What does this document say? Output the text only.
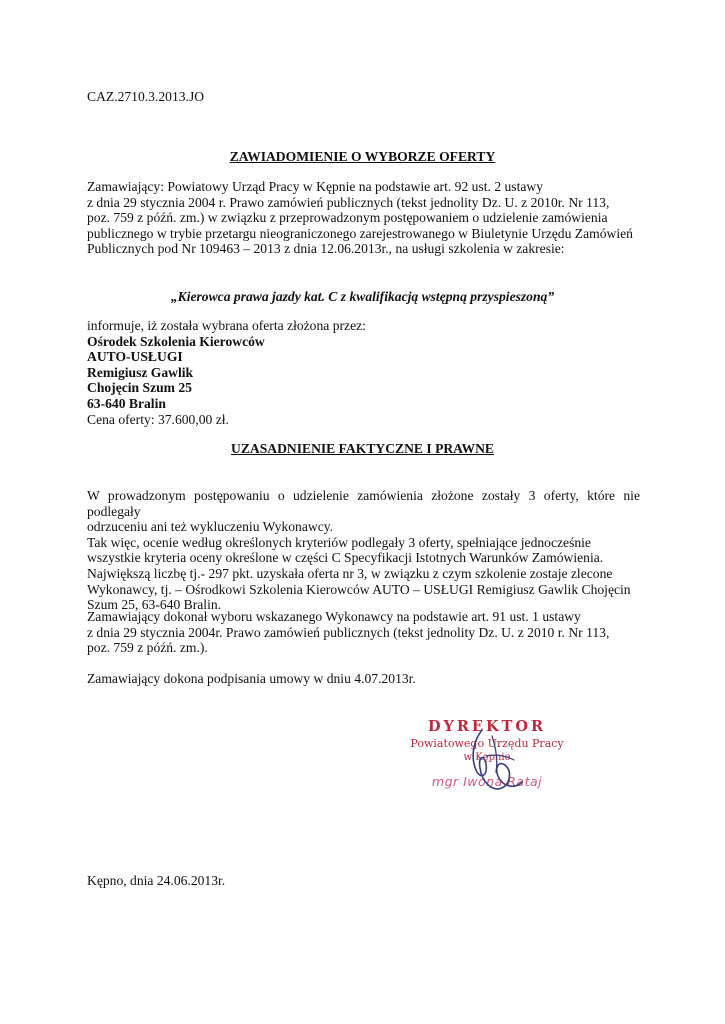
CAZ.2710.3.2013.JO
ZAWIADOMIENIE O WYBORZE OFERTY
Zamawiający: Powiatowy Urząd Pracy w Kępnie na podstawie art. 92 ust. 2 ustawy
z dnia 29 stycznia 2004 r. Prawo zamówień publicznych (tekst jednolity Dz. U. z 2010r. Nr 113,
poz. 759 z późń. zm.) w związku z przeprowadzonym postępowaniem o udzielenie zamówienia
publicznego w trybie przetargu nieograniczonego zarejestrowanego w Biuletynie Urzędu Zamówień
Publicznych pod Nr 109463 – 2013 z dnia 12.06.2013r., na usługi szkolenia w zakresie:
„Kierowca prawa jazdy kat. C z kwalifikacją wstępną przyspieszoną”
informuje, iż została wybrana oferta złożona przez:
Ośrodek Szkolenia Kierowców
AUTO-USŁUGI
Remigiusz Gawlik
Chojęcin Szum 25
63-640 Bralin
Cena oferty: 37.600,00 zł.
UZASADNIENIE FAKTYCZNE I PRAWNE
W prowadzonym postępowaniu o udzielenie zamówienia złożone zostały 3 oferty, które nie podlegały
odrzuceniu ani też wykluczeniu Wykonawcy.
Tak więc, ocenie według określonych kryteriów podlegały 3 oferty, spełniające jednocześnie
wszystkie kryteria oceny określone w części C Specyfikacji Istotnych Warunków Zamówienia.
Największą liczbę tj.- 297 pkt. uzyskała oferta nr 3, w związku z czym szkolenie zostaje zlecone
Wykonawcy, tj. – Ośrodkowi Szkolenia Kierowców AUTO – USŁUGI Remigiusz Gawlik Chojęcin
Szum 25, 63-640 Bralin.
Zamawiający dokonał wyboru wskazanego Wykonawcy na podstawie art. 91 ust. 1 ustawy
z dnia 29 stycznia 2004r. Prawo zamówień publicznych (tekst jednolity Dz. U. z 2010 r. Nr 113,
poz. 759 z późń. zm.).
Zamawiający dokona podpisania umowy w dniu 4.07.2013r.
DYREKTOR
Powiatowego Urzędu Pracy
w Kępnie
mgr Iwona Rataj
Kępno, dnia 24.06.2013r.
